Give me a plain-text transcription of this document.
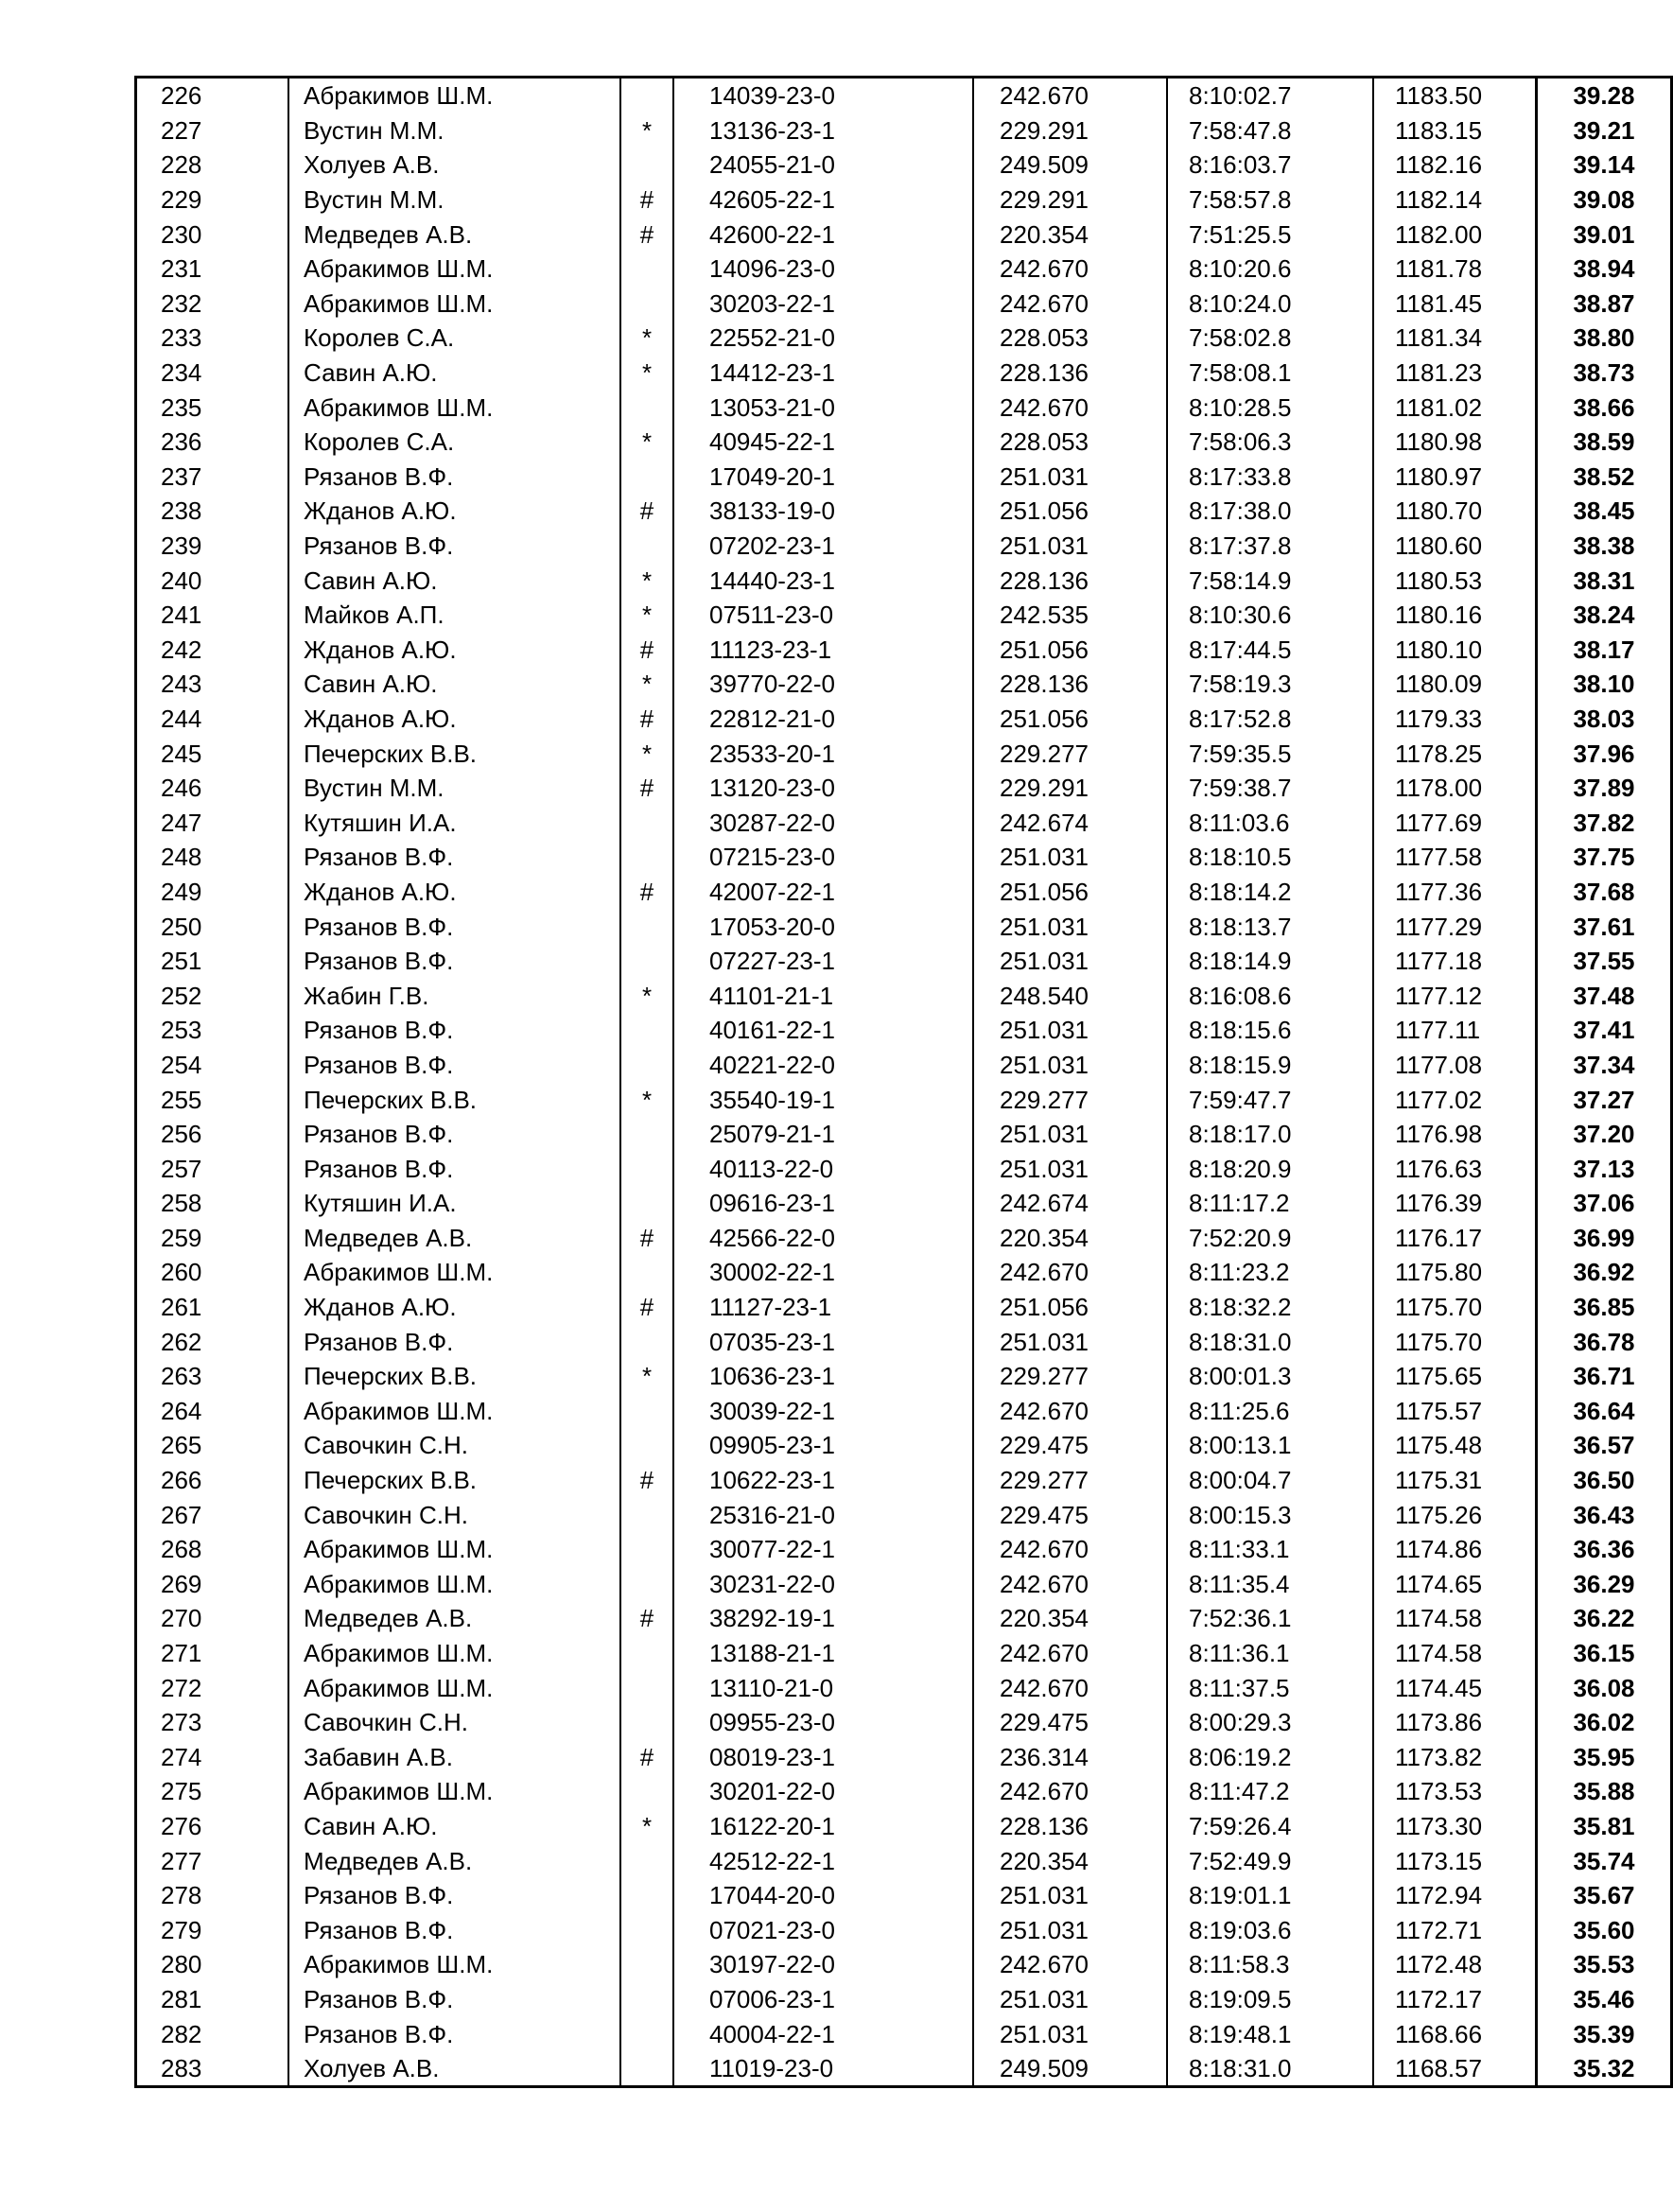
226	Абракимов Ш.М.		14039-23-0	242.670	8:10:02.7	1183.50	39.28
227	Вустин М.М.	*	13136-23-1	229.291	7:58:47.8	1183.15	39.21
228	Холуев А.В.		24055-21-0	249.509	8:16:03.7	1182.16	39.14
229	Вустин М.М.	#	42605-22-1	229.291	7:58:57.8	1182.14	39.08
230	Медведев А.В.	#	42600-22-1	220.354	7:51:25.5	1182.00	39.01
231	Абракимов Ш.М.		14096-23-0	242.670	8:10:20.6	1181.78	38.94
232	Абракимов Ш.М.		30203-22-1	242.670	8:10:24.0	1181.45	38.87
233	Королев С.А.	*	22552-21-0	228.053	7:58:02.8	1181.34	38.80
234	Савин А.Ю.	*	14412-23-1	228.136	7:58:08.1	1181.23	38.73
235	Абракимов Ш.М.		13053-21-0	242.670	8:10:28.5	1181.02	38.66
236	Королев С.А.	*	40945-22-1	228.053	7:58:06.3	1180.98	38.59
237	Рязанов В.Ф.		17049-20-1	251.031	8:17:33.8	1180.97	38.52
238	Жданов А.Ю.	#	38133-19-0	251.056	8:17:38.0	1180.70	38.45
239	Рязанов В.Ф.		07202-23-1	251.031	8:17:37.8	1180.60	38.38
240	Савин А.Ю.	*	14440-23-1	228.136	7:58:14.9	1180.53	38.31
241	Майков А.П.	*	07511-23-0	242.535	8:10:30.6	1180.16	38.24
242	Жданов А.Ю.	#	11123-23-1	251.056	8:17:44.5	1180.10	38.17
243	Савин А.Ю.	*	39770-22-0	228.136	7:58:19.3	1180.09	38.10
244	Жданов А.Ю.	#	22812-21-0	251.056	8:17:52.8	1179.33	38.03
245	Печерских В.В.	*	23533-20-1	229.277	7:59:35.5	1178.25	37.96
246	Вустин М.М.	#	13120-23-0	229.291	7:59:38.7	1178.00	37.89
247	Кутяшин И.А.		30287-22-0	242.674	8:11:03.6	1177.69	37.82
248	Рязанов В.Ф.		07215-23-0	251.031	8:18:10.5	1177.58	37.75
249	Жданов А.Ю.	#	42007-22-1	251.056	8:18:14.2	1177.36	37.68
250	Рязанов В.Ф.		17053-20-0	251.031	8:18:13.7	1177.29	37.61
251	Рязанов В.Ф.		07227-23-1	251.031	8:18:14.9	1177.18	37.55
252	Жабин Г.В.	*	41101-21-1	248.540	8:16:08.6	1177.12	37.48
253	Рязанов В.Ф.		40161-22-1	251.031	8:18:15.6	1177.11	37.41
254	Рязанов В.Ф.		40221-22-0	251.031	8:18:15.9	1177.08	37.34
255	Печерских В.В.	*	35540-19-1	229.277	7:59:47.7	1177.02	37.27
256	Рязанов В.Ф.		25079-21-1	251.031	8:18:17.0	1176.98	37.20
257	Рязанов В.Ф.		40113-22-0	251.031	8:18:20.9	1176.63	37.13
258	Кутяшин И.А.		09616-23-1	242.674	8:11:17.2	1176.39	37.06
259	Медведев А.В.	#	42566-22-0	220.354	7:52:20.9	1176.17	36.99
260	Абракимов Ш.М.		30002-22-1	242.670	8:11:23.2	1175.80	36.92
261	Жданов А.Ю.	#	11127-23-1	251.056	8:18:32.2	1175.70	36.85
262	Рязанов В.Ф.		07035-23-1	251.031	8:18:31.0	1175.70	36.78
263	Печерских В.В.	*	10636-23-1	229.277	8:00:01.3	1175.65	36.71
264	Абракимов Ш.М.		30039-22-1	242.670	8:11:25.6	1175.57	36.64
265	Савочкин С.Н.		09905-23-1	229.475	8:00:13.1	1175.48	36.57
266	Печерских В.В.	#	10622-23-1	229.277	8:00:04.7	1175.31	36.50
267	Савочкин С.Н.		25316-21-0	229.475	8:00:15.3	1175.26	36.43
268	Абракимов Ш.М.		30077-22-1	242.670	8:11:33.1	1174.86	36.36
269	Абракимов Ш.М.		30231-22-0	242.670	8:11:35.4	1174.65	36.29
270	Медведев А.В.	#	38292-19-1	220.354	7:52:36.1	1174.58	36.22
271	Абракимов Ш.М.		13188-21-1	242.670	8:11:36.1	1174.58	36.15
272	Абракимов Ш.М.		13110-21-0	242.670	8:11:37.5	1174.45	36.08
273	Савочкин С.Н.		09955-23-0	229.475	8:00:29.3	1173.86	36.02
274	Забавин А.В.	#	08019-23-1	236.314	8:06:19.2	1173.82	35.95
275	Абракимов Ш.М.		30201-22-0	242.670	8:11:47.2	1173.53	35.88
276	Савин А.Ю.	*	16122-20-1	228.136	7:59:26.4	1173.30	35.81
277	Медведев А.В.		42512-22-1	220.354	7:52:49.9	1173.15	35.74
278	Рязанов В.Ф.		17044-20-0	251.031	8:19:01.1	1172.94	35.67
279	Рязанов В.Ф.		07021-23-0	251.031	8:19:03.6	1172.71	35.60
280	Абракимов Ш.М.		30197-22-0	242.670	8:11:58.3	1172.48	35.53
281	Рязанов В.Ф.		07006-23-1	251.031	8:19:09.5	1172.17	35.46
282	Рязанов В.Ф.		40004-22-1	251.031	8:19:48.1	1168.66	35.39
283	Холуев А.В.		11019-23-0	249.509	8:18:31.0	1168.57	35.32
